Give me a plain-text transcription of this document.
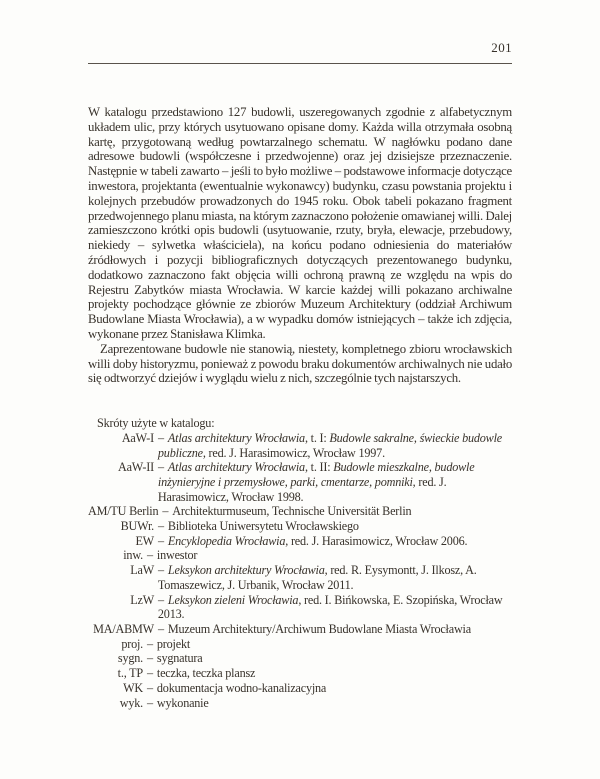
201

W katalogu przedstawiono 127 budowli, uszeregowanych zgodnie z alfabetycznym układem ulic, przy których usytuowano opisane domy. Każda willa otrzymała osobną kartę, przygotowaną według powtarzalnego schematu. W nagłówku podano dane adresowe budowli (współczesne i przedwojenne) oraz jej dzisiejsze przeznaczenie. Następnie w tabeli zawarto – jeśli to było możliwe – podstawowe informacje dotyczące inwestora, projektanta (ewentualnie wykonawcy) budynku, czasu powstania projektu i kolejnych przebudów prowadzonych do 1945 roku. Obok tabeli pokazano fragment przedwojennego planu miasta, na którym zaznaczono położenie omawianej willi. Dalej zamieszczono krótki opis budowli (usytuowanie, rzuty, bryła, elewacje, przebudowy, niekiedy – sylwetka właściciela), na końcu podano odniesienia do materiałów źródłowych i pozycji bibliograficznych dotyczących prezentowanego budynku, dodatkowo zaznaczono fakt objęcia willi ochroną prawną ze względu na wpis do Rejestru Zabytków miasta Wrocławia. W karcie każdej willi pokazano archiwalne projekty pochodzące głównie ze zbiorów Muzeum Architektury (oddział Archiwum Budowlane Miasta Wrocławia), a w wypadku domów istniejących – także ich zdjęcia, wykonane przez Stanisława Klimka.

Zaprezentowane budowle nie stanowią, niestety, kompletnego zbioru wrocławskich willi doby historyzmu, ponieważ z powodu braku dokumentów archiwalnych nie udało się odtworzyć dziejów i wyglądu wielu z nich, szczególnie tych najstarszych.

Skróty użyte w katalogu:
AaW-I – Atlas architektury Wrocławia, t. I: Budowle sakralne, świeckie budowle publiczne, red. J. Harasimowicz, Wrocław 1997.
AaW-II – Atlas architektury Wrocławia, t. II: Budowle mieszkalne, budowle inżynieryjne i przemysłowe, parki, cmentarze, pomniki, red. J. Harasimowicz, Wrocław 1998.
AM/TU Berlin – Architekturmuseum, Technische Universität Berlin
BUWr. – Biblioteka Uniwersytetu Wrocławskiego
EW – Encyklopedia Wrocławia, red. J. Harasimowicz, Wrocław 2006.
inw. – inwestor
LaW – Leksykon architektury Wrocławia, red. R. Eysymontt, J. Ilkosz, A. Tomaszewicz, J. Urbanik, Wrocław 2011.
LzW – Leksykon zieleni Wrocławia, red. I. Bińkowska, E. Szopińska, Wrocław 2013.
MA/ABMW – Muzeum Architektury/Archiwum Budowlane Miasta Wrocławia
proj. – projekt
sygn. – sygnatura
t., TP – teczka, teczka plansz
WK – dokumentacja wodno-kanalizacyjna
wyk. – wykonanie
